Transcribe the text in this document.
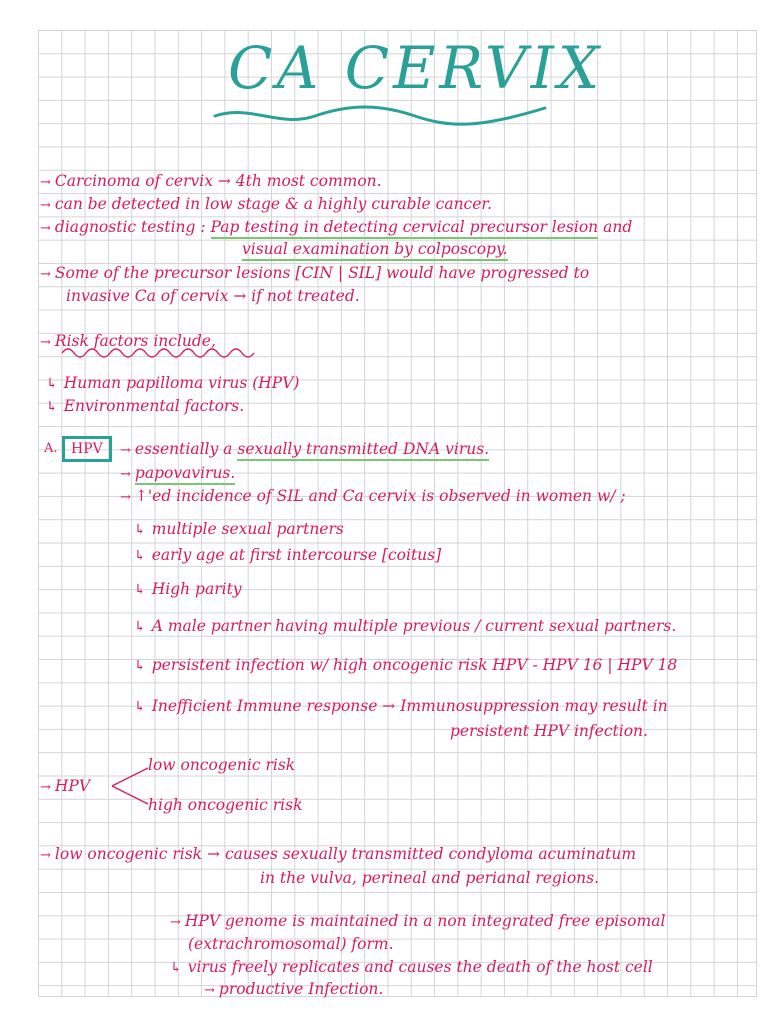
CA CERVIX
→ Carcinoma of cervix → 4th most common.
→ can be detected in low stage & a highly curable cancer.
→ diagnostic testing : Pap testing in detecting cervical precursor lesion and
visual examination by colposcopy.
→ Some of the precursor lesions [CIN | SIL] would have progressed to
invasive Ca of cervix → if not treated.
→ Risk factors include,
↳ Human papilloma virus (HPV)
↳ Environmental factors.
A. HPV	→ essentially a sexually transmitted DNA virus.
→ papovavirus.
→ ↑'ed incidence of SIL and Ca cervix is observed in women w/ ;
↳ multiple sexual partners
↳ early age at first intercourse [coitus]
↳ High parity
↳ A male partner having multiple previous / current sexual partners.
↳ persistent infection w/ high oncogenic risk HPV - HPV 16 | HPV 18
↳ Inefficient Immune response → Immunosuppression may result in
persistent HPV infection.
→ HPV
low oncogenic risk
high oncogenic risk
→ low oncogenic risk → causes sexually transmitted condyloma acuminatum
in the vulva, perineal and perianal regions.
→ HPV genome is maintained in a non integrated free episomal
(extrachromosomal) form.
↳ virus freely replicates and causes the death of the host cell
→ productive Infection.
